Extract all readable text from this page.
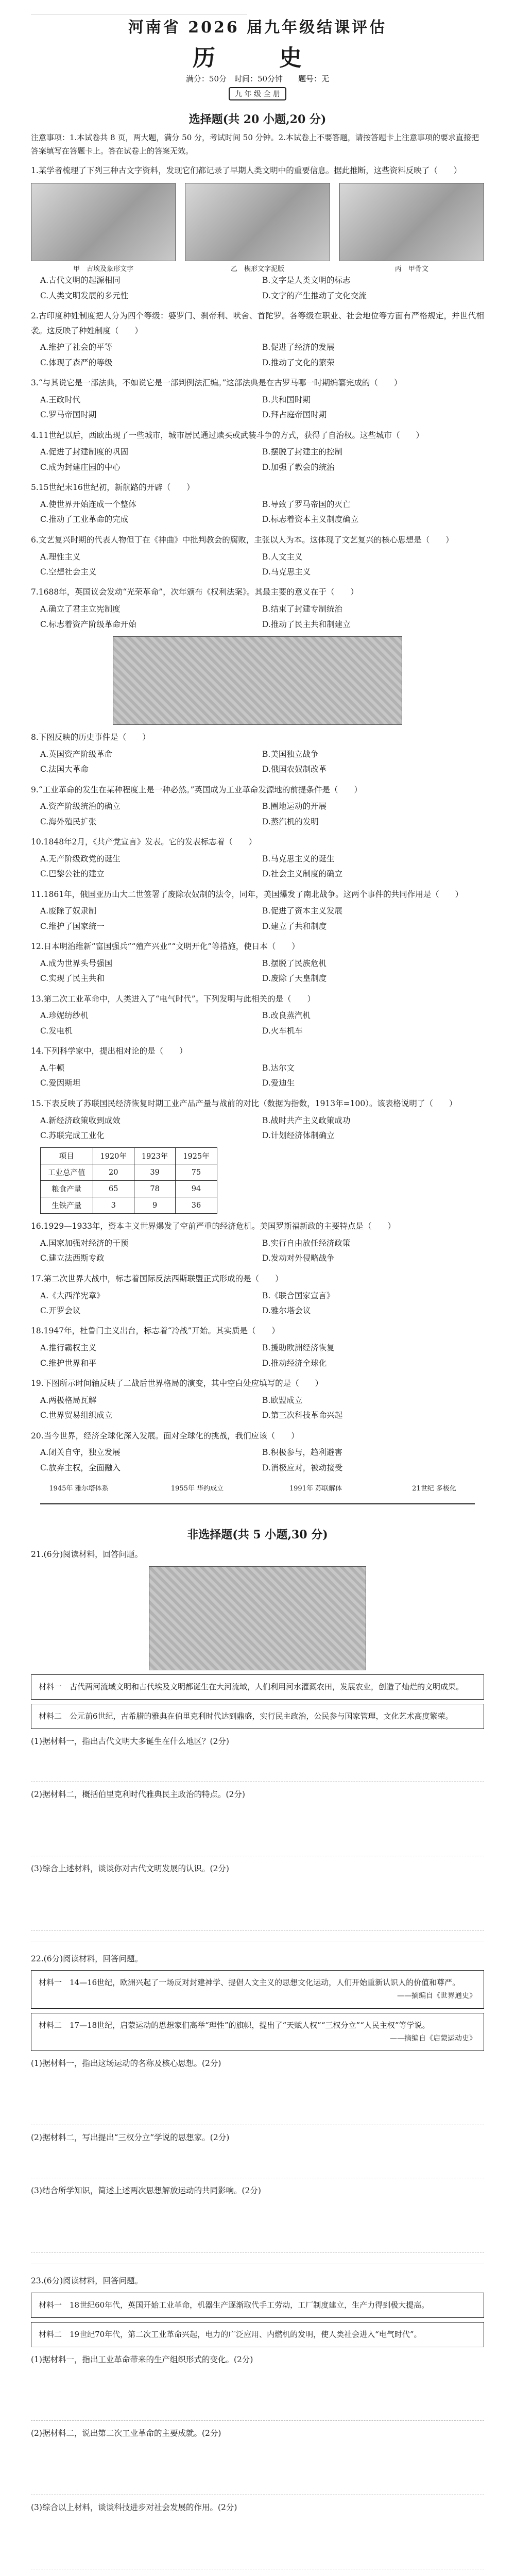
河南省 2026 届九年级结课评估
历　史
满分：50分　时间：50分钟　　题号：无
九 年 级 全 册
选择题(共 20 小题,20 分)
注意事项：1.本试卷共 8 页，两大题，满分 50 分，考试时间 50 分钟。2.本试卷上不要答题，请按答题卡上注意事项的要求直接把答案填写在答题卡上。答在试卷上的答案无效。
1.某学者梳理了下列三种古文字资料，发现它们都记录了早期人类文明中的重要信息。据此推断，这些资料反映了（　　）
甲　 古埃及象形文字	乙　 楔形文字泥版	丙　 甲骨文
A.古代文明的起源相同	B.文字是人类文明的标志
C.人类文明发展的多元性	D.文字的产生推动了文化交流
2.古印度种姓制度把人分为四个等级：婆罗门、刹帝利、吠舍、首陀罗。各等级在职业、社会地位等方面有严格规定，并世代相袭。这反映了种姓制度（　　）
A.维护了社会的平等	B.促进了经济的发展
C.体现了森严的等级	D.推动了文化的繁荣
3.“与其说它是一部法典，不如说它是一部判例法汇编。”这部法典是在古罗马哪一时期编纂完成的（　　）
A.王政时代	B.共和国时期
C.罗马帝国时期	D.拜占庭帝国时期
4.11世纪以后，西欧出现了一些城市，城市居民通过赎买或武装斗争的方式，获得了自治权。这些城市（　　）
A.促进了封建制度的巩固	B.摆脱了封建主的控制
C.成为封建庄园的中心	D.加强了教会的统治
5.15世纪末16世纪初，新航路的开辟（　　）
A.使世界开始连成一个整体	B.导致了罗马帝国的灭亡
C.推动了工业革命的完成	D.标志着资本主义制度确立
6.文艺复兴时期的代表人物但丁在《神曲》中批判教会的腐败，主张以人为本。这体现了文艺复兴的核心思想是（　　）
A.理性主义	B.人文主义
C.空想社会主义	D.马克思主义
7.1688年，英国议会发动“光荣革命”，次年颁布《权利法案》。其最主要的意义在于（　　）
A.确立了君主立宪制度	B.结束了封建专制统治
C.标志着资产阶级革命开始	D.推动了民主共和制建立
8.下图反映的历史事件是（　　）
A.英国资产阶级革命	B.美国独立战争
C.法国大革命	D.俄国农奴制改革
9.“工业革命的发生在某种程度上是一种必然。”英国成为工业革命发源地的前提条件是（　　）
A.资产阶级统治的确立	B.圈地运动的开展
C.海外殖民扩张	D.蒸汽机的发明
10.1848年2月，《共产党宣言》发表。它的发表标志着（　　）
A.无产阶级政党的诞生	B.马克思主义的诞生
C.巴黎公社的建立	D.社会主义制度的确立
11.1861年，俄国亚历山大二世签署了废除农奴制的法令，同年，美国爆发了南北战争。这两个事件的共同作用是（　　）
A.废除了奴隶制	B.促进了资本主义发展
C.维护了国家统一	D.建立了共和制度
12.日本明治维新“富国强兵”“殖产兴业”“文明开化”等措施，使日本（　　）
A.成为世界头号强国	B.摆脱了民族危机
C.实现了民主共和	D.废除了天皇制度
13.第二次工业革命中，人类进入了“电气时代”。下列发明与此相关的是（　　）
A.珍妮纺纱机	B.改良蒸汽机
C.发电机	D.火车机车
14.下列科学家中，提出相对论的是（　　）
A.牛顿	B.达尔文
C.爱因斯坦	D.爱迪生
15.下表反映了苏联国民经济恢复时期工业产品产量与战前的对比（数据为指数，1913年=100）。该表格说明了（　　）
A.新经济政策收到成效	B.战时共产主义政策成功
C.苏联完成工业化	D.计划经济体制确立
项目	1920年	1923年	1925年
工业总产值	20	39	75
粮食产量	65	78	94
生铁产量	3	9	36
16.1929—1933年，资本主义世界爆发了空前严重的经济危机。美国罗斯福新政的主要特点是（　　）
A.国家加强对经济的干预	B.实行自由放任经济政策
C.建立法西斯专政	D.发动对外侵略战争
17.第二次世界大战中，标志着国际反法西斯联盟正式形成的是（　　）
A.《大西洋宪章》	B.《联合国家宣言》
C.开罗会议	D.雅尔塔会议
18.1947年，杜鲁门主义出台，标志着“冷战”开始。其实质是（　　）
A.推行霸权主义	B.援助欧洲经济恢复
C.维护世界和平	D.推动经济全球化
19.下图所示时间轴反映了二战后世界格局的演变，其中空白处应填写的是（　　）
A.两极格局瓦解	B.欧盟成立
C.世界贸易组织成立	D.第三次科技革命兴起
20.当今世界，经济全球化深入发展。面对全球化的挑战，我们应该（　　）
A.闭关自守，独立发展	B.积极参与，趋利避害
C.放弃主权，全面融入	D.消极应对，被动接受
1945年 雅尔塔体系	1955年 华约成立	1991年 苏联解体	21世纪 多极化
非选择题(共 5 小题,30 分)
21.(6分)阅读材料，回答问题。
材料一　古代两河流域文明和古代埃及文明都诞生在大河流域，人们利用河水灌溉农田，发展农业，创造了灿烂的文明成果。
材料二　公元前6世纪，古希腊的雅典在伯里克利时代达到鼎盛，实行民主政治，公民参与国家管理，文化艺术高度繁荣。
(1)据材料一，指出古代文明大多诞生在什么地区？(2分)
(2)据材料二，概括伯里克利时代雅典民主政治的特点。(2分)
(3)综合上述材料，谈谈你对古代文明发展的认识。(2分)
22.(6分)阅读材料，回答问题。
材料一　14—16世纪，欧洲兴起了一场反对封建神学、提倡人文主义的思想文化运动，人们开始重新认识人的价值和尊严。
——摘编自《世界通史》
材料二　17—18世纪，启蒙运动的思想家们高举“理性”的旗帜，提出了“天赋人权”“三权分立”“人民主权”等学说。
——摘编自《启蒙运动史》
(1)据材料一，指出这场运动的名称及核心思想。(2分)
(2)据材料二，写出提出“三权分立”学说的思想家。(2分)
(3)结合所学知识，简述上述两次思想解放运动的共同影响。(2分)
23.(6分)阅读材料，回答问题。
材料一　18世纪60年代，英国开始工业革命，机器生产逐渐取代手工劳动，工厂制度建立，生产力得到极大提高。
材料二　19世纪70年代，第二次工业革命兴起，电力的广泛应用、内燃机的发明，使人类社会进入“电气时代”。
(1)据材料一，指出工业革命带来的生产组织形式的变化。(2分)
(2)据材料二，说出第二次工业革命的主要成就。(2分)
(3)综合以上材料，谈谈科技进步对社会发展的作用。(2分)
